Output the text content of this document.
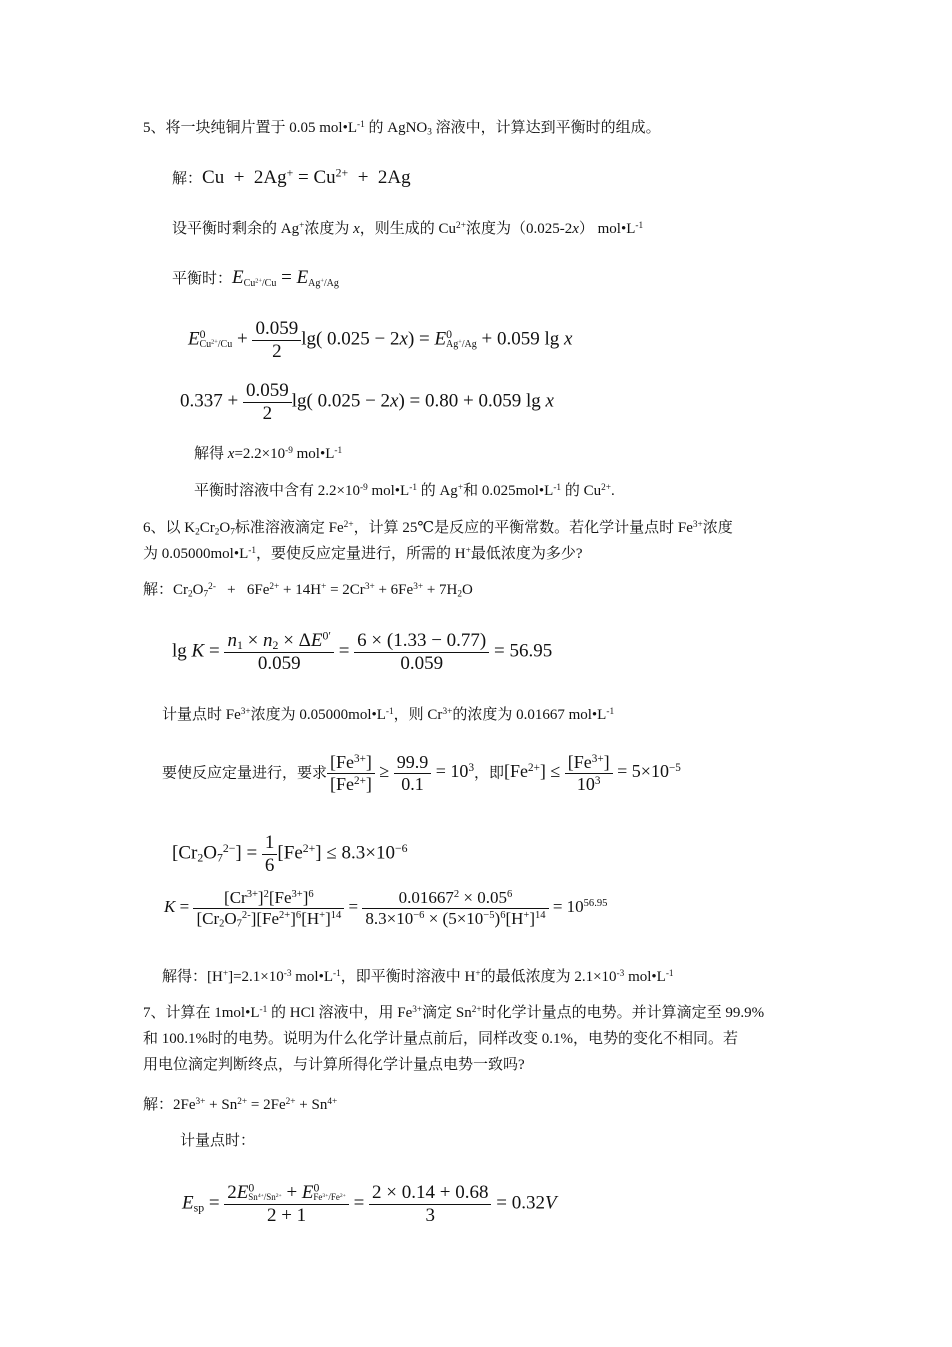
5、将一块纯铜片置于 0.05 $mol•L^{-1}$ 的 AgNO$_3$ 溶液中，计算达到平衡时的组成。
解：$Cu + 2Ag^+ = Cu^{2+} + 2Ag$
设平衡时剩余的 Ag+浓度为 x，则生成的 $Cu^{2+}$浓度为（0.025-2x） $mol•L^{-1}$
平衡时：$E_{Cu^{2+}/Cu} = E_{Ag^+/Ag}$
$E^0_{Cu^{2+}/Cu} + \frac{0.059}{2} \lg$( $0.025 - 2x) = E^0_{Ag^+/Ag} + 0.059$ lg x
$0.337 + \frac{0.059}{2} \lg$( 0.025 − 2x) = 0.80 + 0.059 lg x
解得 $x=2.2\times 10^{-9}$ $mol•L^{-1}$
平衡时溶液中含有 $2.2\times 10^{-9}$ $mol•L^{-1}$ 的 Ag+和 $0.025mol•L^{-1}$ 的 $Cu^{2+}$.
6、以 $K_2Cr_2O_7$标准溶液滴定 $Fe^{2+}$，计算 25℃是反应的平衡常数。若化学计量点时 $Fe^{3+}$浓度
为 $0.05000mol•L^{-1}$，要使反应定量进行，所需的 H+最低浓度为多少?
解：$Cr_2O_7^{2-} + 6Fe^{2+} + 14H^+ = 2Cr^{3+} + 6Fe^{3+} + 7H_2O$
$\lg K = \frac{n_1 \times n_2 \times \Delta E^{0'}}{0.059} = \frac{6 \times (1.33 - 0.77)}{0.059} = 56.95$
计量点时 $Fe^{3+}$浓度为 $0.05000mol•L^{-1}$，则 $Cr^{3+}$的浓度为 0.01667 $mol•L^{-1}$
要使反应定量进行，要求 $\frac{[Fe^{3+}]}{[Fe^{2+}]} \ge \frac{99.9}{0.1} = 10^3$，即$[Fe^{2+}] \le \frac{[Fe^{3+}]}{10^3} = 5\times 10^{-5}$
$[Cr_2O_7^{2-}] = \frac{1}{6} [Fe^{2+}] \le 8.3\times 10^{-6}$
$K = \frac{[Cr^{3+}]^2[Fe^{3+}]^6}{[Cr_2O_7^{2-}][Fe^{2+}]^6[H^+]^{14}} = \frac{0.01667^2 \times 0.05^6}{8.3\times 10^{-6} \times (5\times 10^{-5})^6[H^+]^{14}} = 10^{56.95}$
解得：$[H^+]=2.1\times 10^{-3}$ $mol•L^{-1}$，即平衡时溶液中 H+的最低浓度为 $2.1\times 10^{-3}$ $mol•L^{-1}$
7、计算在 $1mol•L^{-1}$ 的 HCl 溶液中，用 $Fe^{3+}$滴定 $Sn^{2+}$时化学计量点的电势。并计算滴定至 99.9%
和 100.1%时的电势。说明为什么化学计量点前后，同样改变 0.1%，电势的变化不相同。若
用电位滴定判断终点，与计算所得化学计量点电势一致吗?
解：$2Fe^{3+} + Sn^{2+} = 2Fe^{2+} + Sn^{4+}$
计量点时：
$E_{sp} = \frac{2E^0_{Sn^{4+}/Sn^{2+}} + E^0_{Fe^{3+}/Fe^{2+}}}{2 + 1} = \frac{2 \times 0.14 + 0.68}{3} = 0.32V$
